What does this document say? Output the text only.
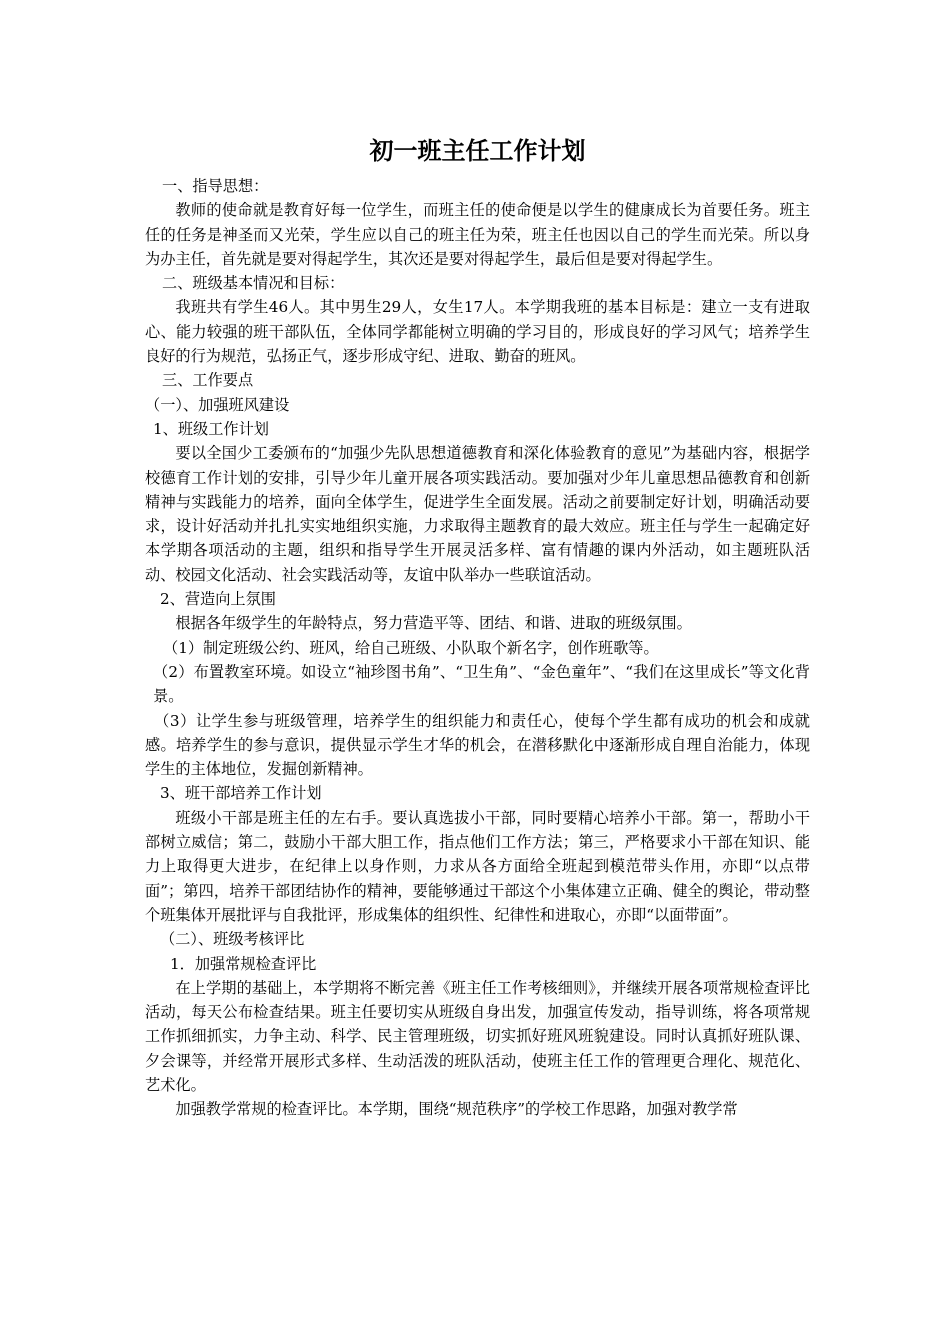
初一班主任工作计划

一、指导思想：

教师的使命就是教育好每一位学生，而班主任的使命便是以学生的健康成长为首要任务。班主任的任务是神圣而又光荣，学生应以自己的班主任为荣，班主任也因以自己的学生而光荣。所以身为办主任，首先就是要对得起学生，其次还是要对得起学生，最后但是要对得起学生。

二、班级基本情况和目标：

我班共有学生46人。其中男生29人，女生17人。本学期我班的基本目标是：建立一支有进取心、能力较强的班干部队伍，全体同学都能树立明确的学习目的，形成良好的学习风气；培养学生良好的行为规范，弘扬正气，逐步形成守纪、进取、勤奋的班风。

三、工作要点

（一）、加强班风建设

1、班级工作计划

要以全国少工委颁布的“加强少先队思想道德教育和深化体验教育的意见”为基础内容，根据学校德育工作计划的安排，引导少年儿童开展各项实践活动。要加强对少年儿童思想品德教育和创新精神与实践能力的培养，面向全体学生，促进学生全面发展。活动之前要制定好计划，明确活动要求，设计好活动并扎扎实实地组织实施，力求取得主题教育的最大效应。班主任与学生一起确定好本学期各项活动的主题，组织和指导学生开展灵活多样、富有情趣的课内外活动，如主题班队活动、校园文化活动、社会实践活动等，友谊中队举办一些联谊活动。

2、营造向上氛围

根据各年级学生的年龄特点，努力营造平等、团结、和谐、进取的班级氛围。

（1）制定班级公约、班风，给自己班级、小队取个新名字，创作班歌等。

（2）布置教室环境。如设立“袖珍图书角”、“卫生角”、“金色童年”、“我们在这里成长”等文化背景。

（3）让学生参与班级管理，培养学生的组织能力和责任心，使每个学生都有成功的机会和成就感。培养学生的参与意识，提供显示学生才华的机会，在潜移默化中逐渐形成自理自治能力，体现学生的主体地位，发掘创新精神。

3、班干部培养工作计划

班级小干部是班主任的左右手。要认真选拔小干部，同时要精心培养小干部。第一，帮助小干部树立威信；第二，鼓励小干部大胆工作，指点他们工作方法；第三，严格要求小干部在知识、能力上取得更大进步，在纪律上以身作则，力求从各方面给全班起到模范带头作用，亦即“以点带面”；第四，培养干部团结协作的精神，要能够通过干部这个小集体建立正确、健全的舆论，带动整个班集体开展批评与自我批评，形成集体的组织性、纪律性和进取心，亦即“以面带面”。

（二）、班级考核评比

1．加强常规检查评比

在上学期的基础上，本学期将不断完善《班主任工作考核细则》，并继续开展各项常规检查评比活动，每天公布检查结果。班主任要切实从班级自身出发，加强宣传发动，指导训练，将各项常规工作抓细抓实，力争主动、科学、民主管理班级，切实抓好班风班貌建设。同时认真抓好班队课、夕会课等，并经常开展形式多样、生动活泼的班队活动，使班主任工作的管理更合理化、规范化、艺术化。

加强教学常规的检查评比。本学期，围绕“规范秩序”的学校工作思路，加强对教学常
